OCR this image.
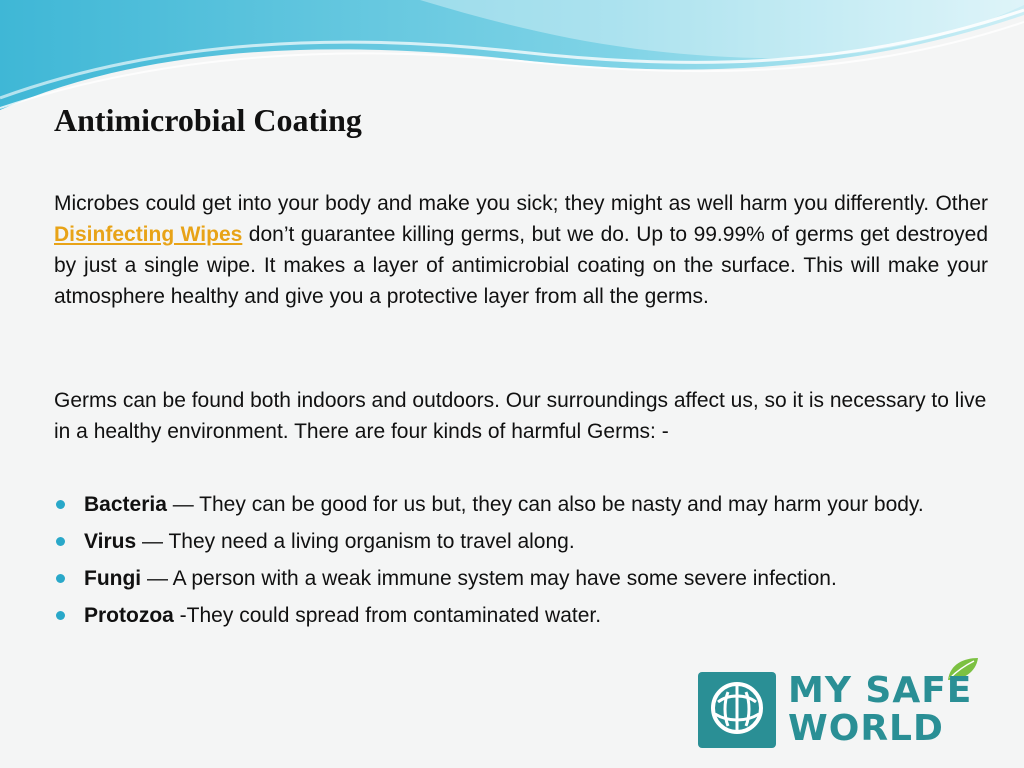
Antimicrobial Coating

Microbes could get into your body and make you sick; they might as well harm you differently. Other Disinfecting Wipes don’t guarantee killing germs, but we do. Up to 99.99% of germs get destroyed by just a single wipe. It makes a layer of antimicrobial coating on the surface. This will make your atmosphere healthy and give you a protective layer from all the germs.

Germs can be found both indoors and outdoors. Our surroundings affect us, so it is necessary to live in a healthy environment. There are four kinds of harmful Germs: -

Bacteria — They can be good for us but, they can also be nasty and may harm your body.
Virus — They need a living organism to travel along.
Fungi — A person with a weak immune system may have some severe infection.
Protozoa -They could spread from contaminated water.
MY SAFE
WORLD
